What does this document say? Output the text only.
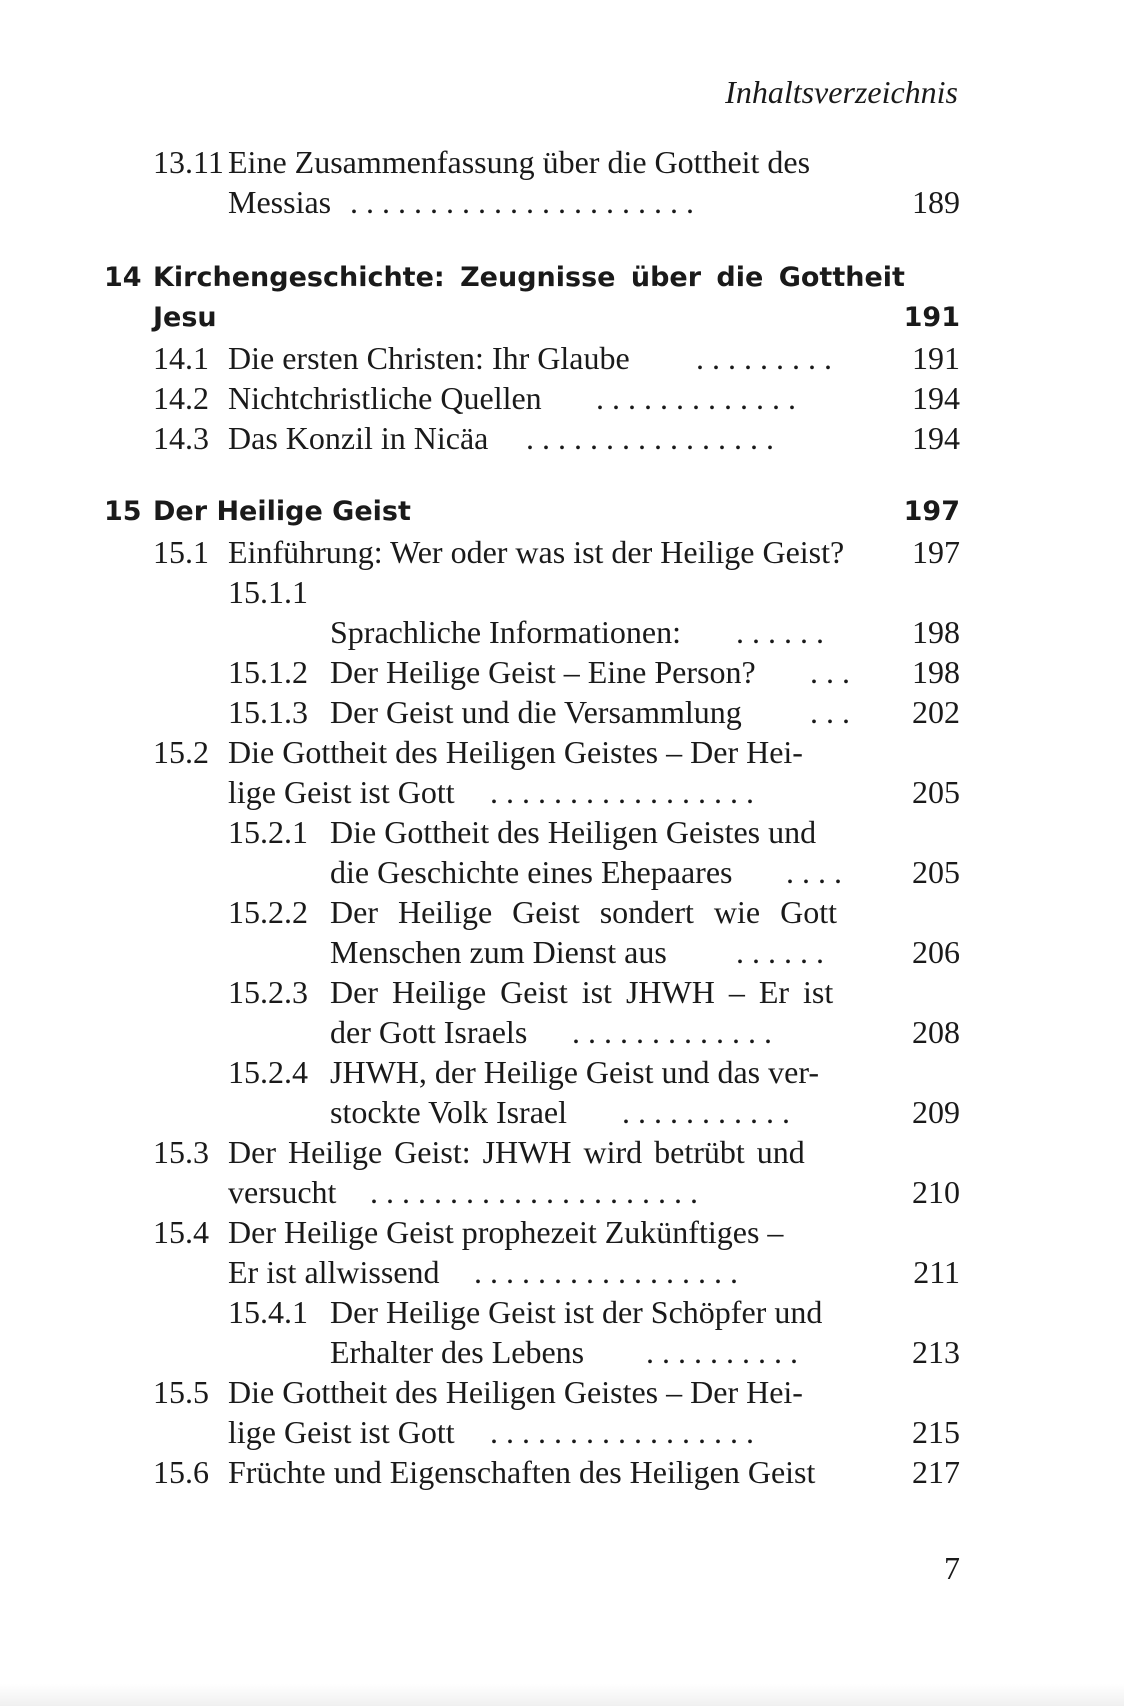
Inhaltsverzeichnis
13.11 Eine Zusammenfassung über die Gottheit des
Messias . . . . . . . . . . . . . . . . . . . . . .	189
14 Kirchengeschichte: Zeugnisse über die Gottheit
Jesu	191
14.1 Die ersten Christen: Ihr Glaube . . . . . . . . .	191
14.2 Nichtchristliche Quellen . . . . . . . . . . . . .	194
14.3 Das Konzil in Nicäa . . . . . . . . . . . . . . . .	194
15 Der Heilige Geist	197
15.1 Einführung: Wer oder was ist der Heilige Geist?	197
15.1.1
Sprachliche Informationen: . . . . . .	198
15.1.2 Der Heilige Geist – Eine Person? . . .	198
15.1.3 Der Geist und die Versammlung . . .	202
15.2 Die Gottheit des Heiligen Geistes – Der Hei-
lige Geist ist Gott . . . . . . . . . . . . . . . . .	205
15.2.1 Die Gottheit des Heiligen Geistes und
die Geschichte eines Ehepaares . . . .	205
15.2.2 Der Heilige Geist sondert wie Gott
Menschen zum Dienst aus . . . . . .	206
15.2.3 Der Heilige Geist ist JHWH – Er ist
der Gott Israels . . . . . . . . . . . . .	208
15.2.4 JHWH, der Heilige Geist und das ver-
stockte Volk Israel . . . . . . . . . . .	209
15.3 Der Heilige Geist: JHWH wird betrübt und
versucht . . . . . . . . . . . . . . . . . . . . .	210
15.4 Der Heilige Geist prophezeit Zukünftiges –
Er ist allwissend . . . . . . . . . . . . . . . . .	211
15.4.1 Der Heilige Geist ist der Schöpfer und
Erhalter des Lebens . . . . . . . . . .	213
15.5 Die Gottheit des Heiligen Geistes – Der Hei-
lige Geist ist Gott . . . . . . . . . . . . . . . . .	215
15.6 Früchte und Eigenschaften des Heiligen Geist	217
7
